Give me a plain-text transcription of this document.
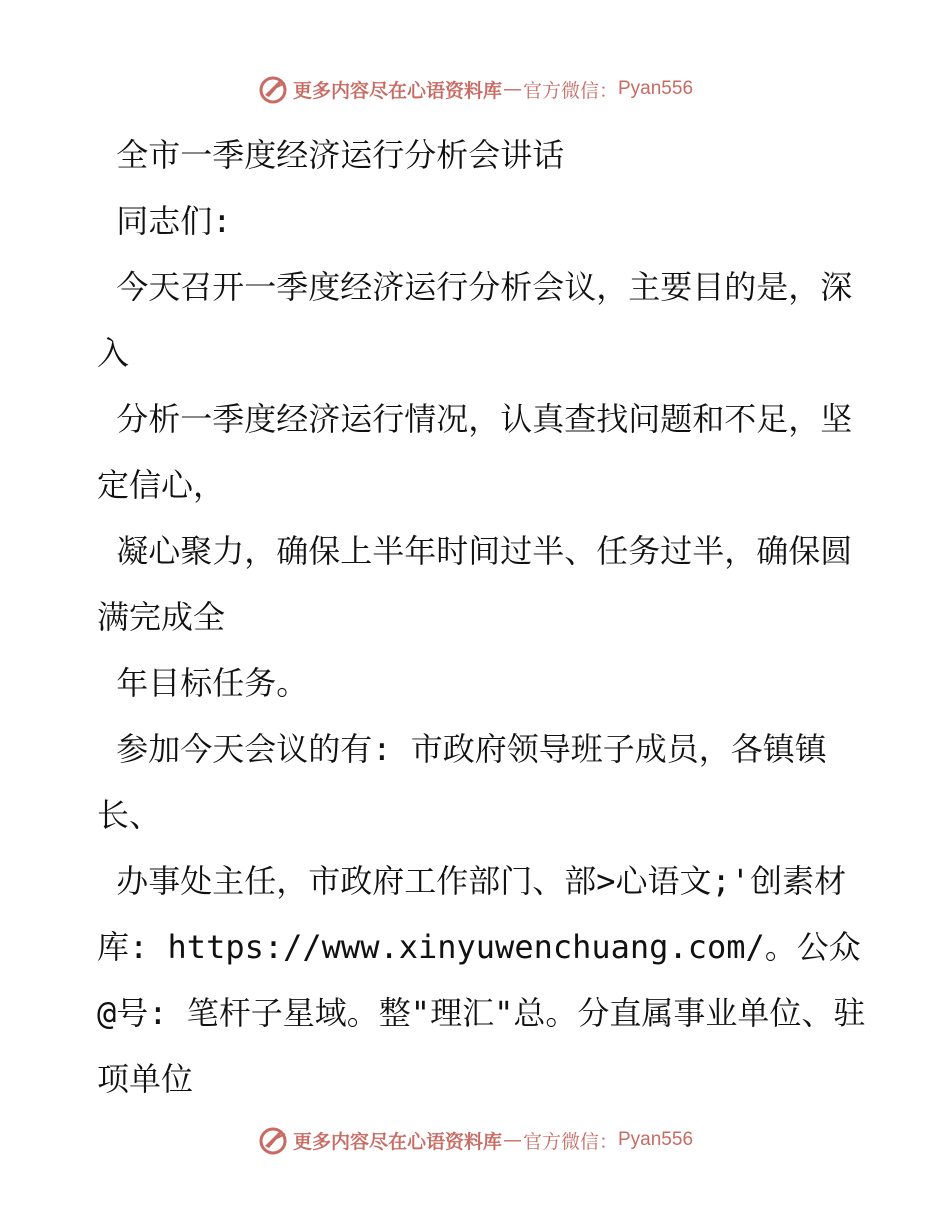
更多内容尽在心语资料库 — 官方微信： Pyan556

全市一季度经济运行分析会讲话

同志们:

今天召开一季度经济运行分析会议，主要目的是，深入

分析一季度经济运行情况，认真查找问题和不足，坚定信心，

凝心聚力，确保上半年时间过半、任务过半，确保圆满完成全

年目标任务。

参加今天会议的有: 市政府领导班子成员，各镇镇长、

办事处主任，市政府工作部门、部>心语文;'创素材库: https://www.xinyuwenchuang.com/。公众@号: 笔杆子星域。整"理汇"总。分直属事业单位、驻项单位

更多内容尽在心语资料库 — 官方微信： Pyan556
